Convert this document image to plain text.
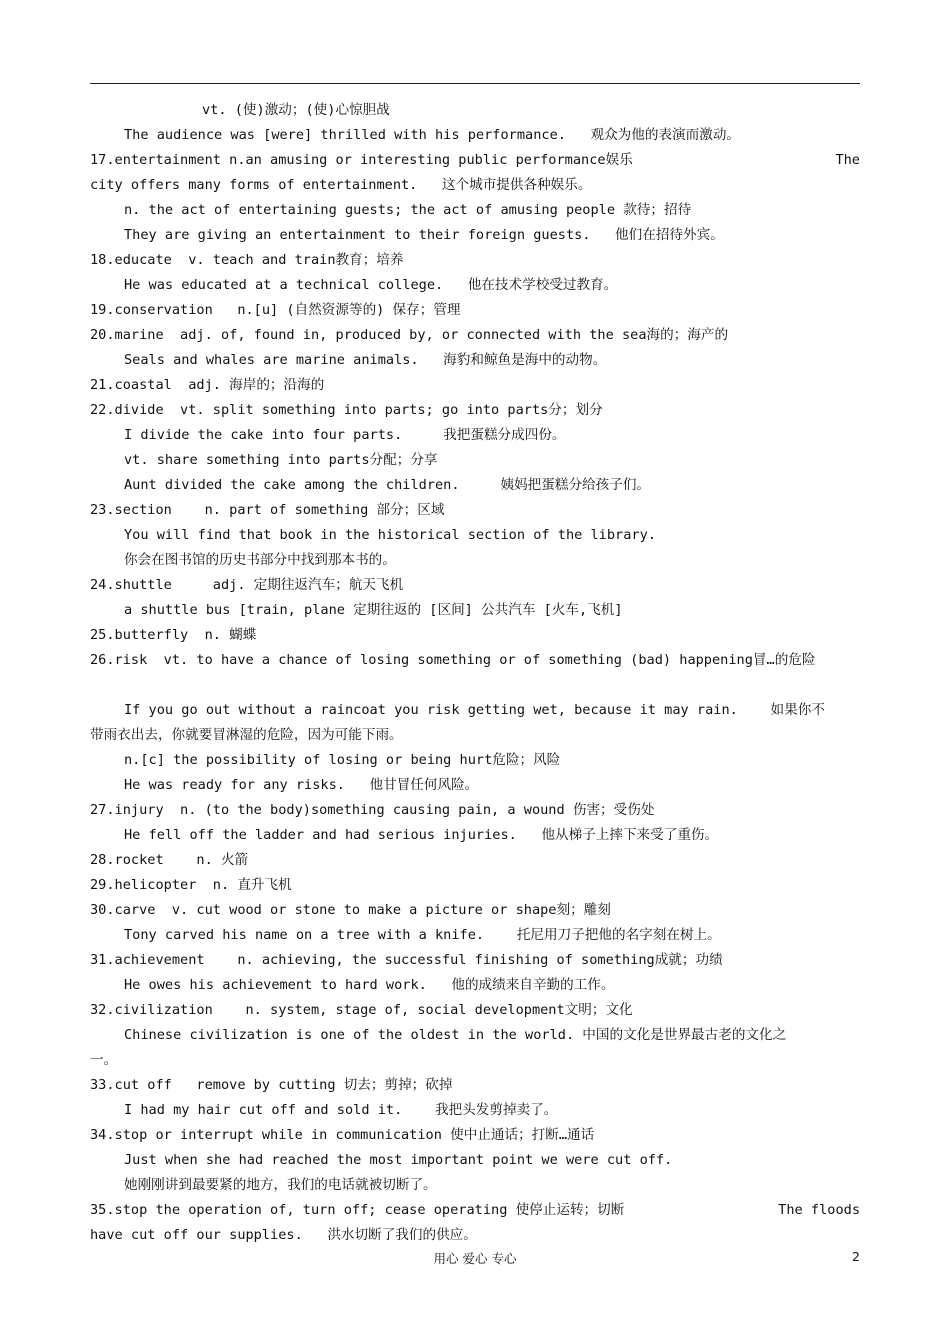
vt. (使)激动；(使)心惊胆战
The audience was [were] thrilled with his performance.   观众为他的表演而激动。
17.entertainment n.an amusing or interesting public performance娱乐	The
city offers many forms of entertainment.   这个城市提供各种娱乐。
n. the act of entertaining guests; the act of amusing people 款待；招待
They are giving an entertainment to their foreign guests.   他们在招待外宾。
18.educate  v. teach and train教育；培养
He was educated at a technical college.   他在技术学校受过教育。
19.conservation   n.[u] (自然资源等的) 保存；管理
20.marine  adj. of, found in, produced by, or connected with the sea海的；海产的
Seals and whales are marine animals.   海豹和鲸鱼是海中的动物。
21.coastal  adj. 海岸的；沿海的
22.divide  vt. split something into parts; go into parts分；划分
I divide the cake into four parts.     我把蛋糕分成四份。
vt. share something into parts分配；分享
Aunt divided the cake among the children.     姨妈把蛋糕分给孩子们。
23.section    n. part of something 部分；区域
You will find that book in the historical section of the library.
你会在图书馆的历史书部分中找到那本书的。
24.shuttle     adj. 定期往返汽车；航天飞机
a shuttle bus [train, plane 定期往返的 [区间] 公共汽车 [火车,飞机]
25.butterfly  n. 蝴蝶
26.risk  vt. to have a chance of losing something or of something (bad) happening冒…的危险
If you go out without a raincoat you risk getting wet, because it may rain.    如果你不
带雨衣出去，你就要冒淋湿的危险，因为可能下雨。
n.[c] the possibility of losing or being hurt危险；风险
He was ready for any risks.   他甘冒任何风险。
27.injury  n. (to the body)something causing pain, a wound 伤害；受伤处
He fell off the ladder and had serious injuries.   他从梯子上摔下来受了重伤。
28.rocket    n. 火箭
29.helicopter  n. 直升飞机
30.carve  v. cut wood or stone to make a picture or shape刻；雕刻
Tony carved his name on a tree with a knife.    托尼用刀子把他的名字刻在树上。
31.achievement    n. achieving, the successful finishing of something成就；功绩
He owes his achievement to hard work.   他的成绩来自辛勤的工作。
32.civilization    n. system, stage of, social development文明；文化
Chinese civilization is one of the oldest in the world. 中国的文化是世界最古老的文化之
一。
33.cut off   remove by cutting 切去；剪掉；砍掉
I had my hair cut off and sold it.    我把头发剪掉卖了。
34.stop or interrupt while in communication 使中止通话；打断…通话
Just when she had reached the most important point we were cut off.
她刚刚讲到最要紧的地方，我们的电话就被切断了。
35.stop the operation of, turn off; cease operating 使停止运转；切断	The floods
have cut off our supplies.   洪水切断了我们的供应。
用心 爱心 专心	2
